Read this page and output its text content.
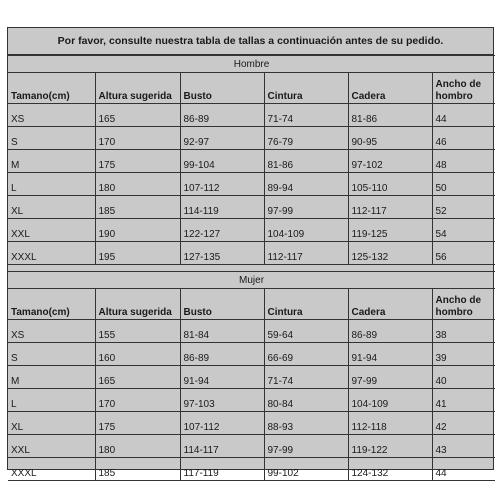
Por favor, consulte nuestra tabla de tallas a continuación antes de su pedido.
Hombre					
Tamano(cm)	Altura sugerida	Busto	Cintura	Cadera	Ancho de hombro
XS	165	86-89	71-74	81-86	44
S	170	92-97	76-79	90-95	46
M	175	99-104	81-86	97-102	48
L	180	107-112	89-94	105-110	50
XL	185	114-119	97-99	112-117	52
XXL	190	122-127	104-109	119-125	54
XXXL	195	127-135	112-117	125-132	56

Mujer					
Tamano(cm)	Altura sugerida	Busto	Cintura	Cadera	Ancho de hombro
XS	155	81-84	59-64	86-89	38
S	160	86-89	66-69	91-94	39
M	165	91-94	71-74	97-99	40
L	170	97-103	80-84	104-109	41
XL	175	107-112	88-93	112-118	42
XXL	180	114-117	97-99	119-122	43
XXXL	185	117-119	99-102	124-132	44
